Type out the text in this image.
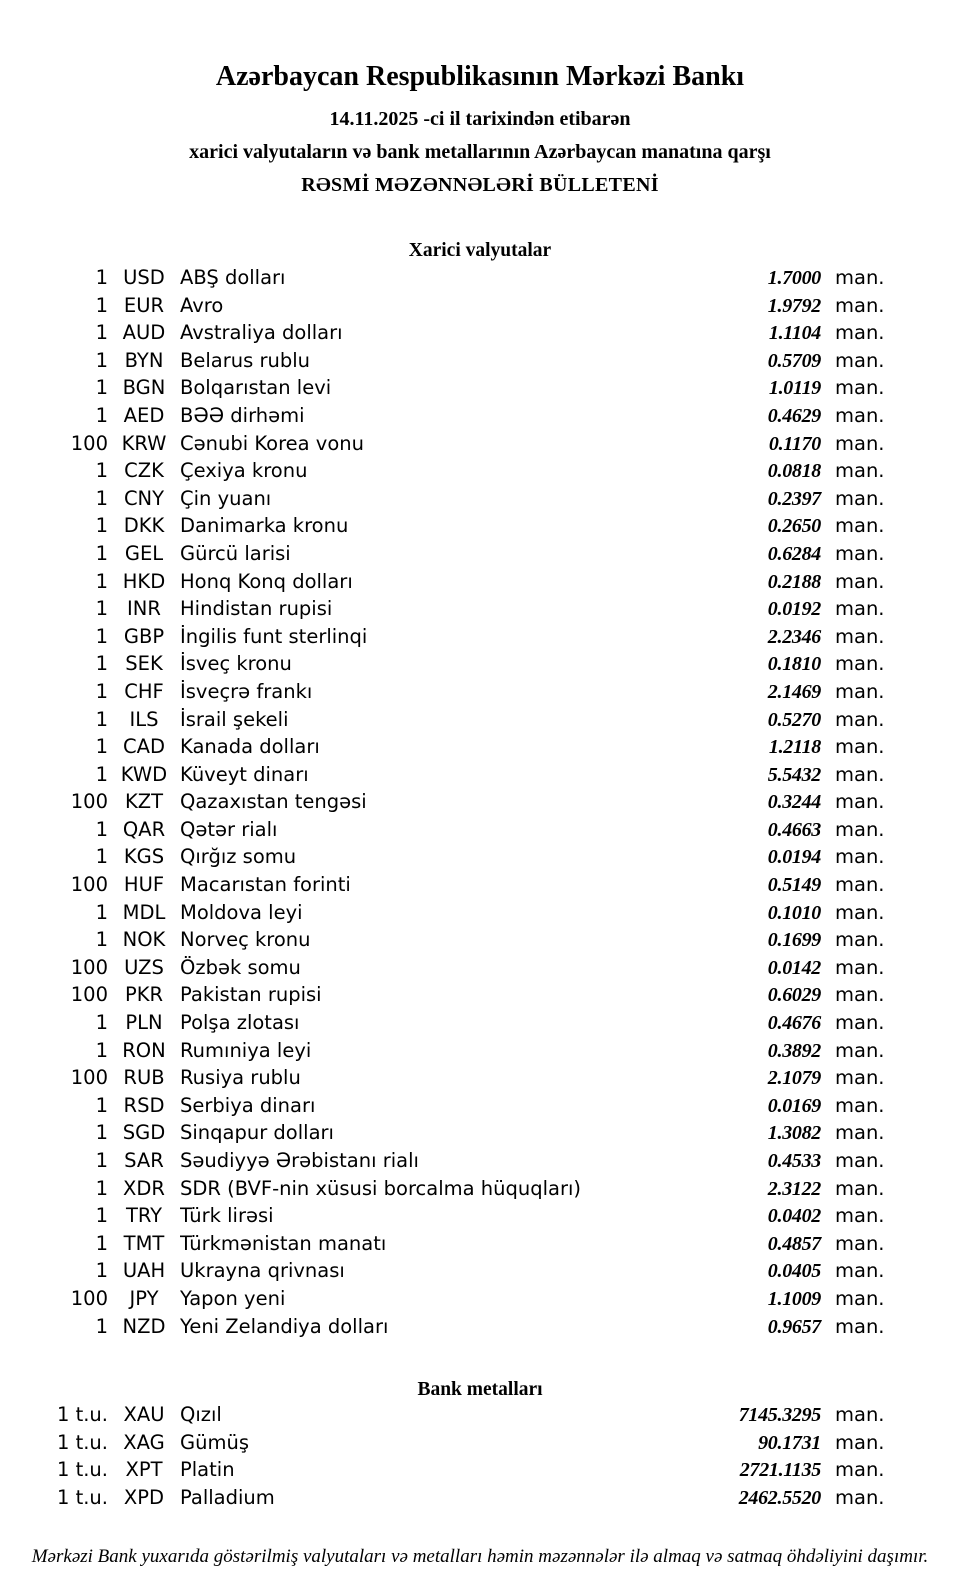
Azərbaycan Respublikasının Mərkəzi Bankı
14.11.2025 -ci il tarixindən etibarən
xarici valyutaların və bank metallarının Azərbaycan manatına qarşı
RƏSMİ MƏZƏNNƏLƏRİ BÜLLETENİ
Xarici valyutalar
1 USD ABŞ dolları	1.7000 man.
1 EUR Avro	1.9792 man.
1 AUD Avstraliya dolları	1.1104 man.
1 BYN Belarus rublu	0.5709 man.
1 BGN Bolqarıstan levi	1.0119 man.
1 AED BƏƏ dirhəmi	0.4629 man.
100 KRW Cənubi Korea vonu	0.1170 man.
1 CZK Çexiya kronu	0.0818 man.
1 CNY Çin yuanı	0.2397 man.
1 DKK Danimarka kronu	0.2650 man.
1 GEL Gürcü larisi	0.6284 man.
1 HKD Honq Konq dolları	0.2188 man.
1 INR Hindistan rupisi	0.0192 man.
1 GBP İngilis funt sterlinqi	2.2346 man.
1 SEK İsveç kronu	0.1810 man.
1 CHF İsveçrə frankı	2.1469 man.
1	ILS	İsrail şekeli	0.5270 man.
1 CAD Kanada dolları	1.2118 man.
1 KWD Küveyt dinarı	5.5432 man.
100 KZT Qazaxıstan tengəsi	0.3244 man.
1 QAR Qətər rialı	0.4663 man.
1 KGS Qırğız somu	0.0194 man.
100 HUF Macarıstan forinti	0.5149 man.
1 MDL Moldova leyi	0.1010 man.
1 NOK Norveç kronu	0.1699 man.
100 UZS Özbək somu	0.0142 man.
100 PKR Pakistan rupisi	0.6029 man.
1 PLN Polşa zlotası	0.4676 man.
1 RON Rumıniya leyi	0.3892 man.
100 RUB Rusiya rublu	2.1079 man.
1 RSD Serbiya dinarı	0.0169 man.
1 SGD Sinqapur dolları	1.3082 man.
1 SAR Səudiyyə Ərəbistanı rialı	0.4533 man.
1 XDR SDR (BVF-nin xüsusi borcalma hüquqları)	2.3122 man.
1 TRY Türk lirəsi	0.0402 man.
1 TMT Türkmənistan manatı	0.4857 man.
1 UAH Ukrayna qrivnası	0.0405 man.
100	JPY	Yapon yeni	1.1009 man.
1 NZD Yeni Zelandiya dolları	0.9657 man.
Bank metalları
1 t.u. XAU Qızıl	7145.3295 man.
1 t.u. XAG Gümüş	90.1731 man.
1 t.u. XPT Platin	2721.1135 man.
1 t.u. XPD Palladium	2462.5520 man.
Mərkəzi Bank yuxarıda göstərilmiş valyutaları və metalları həmin məzənnələr ilə almaq və satmaq öhdəliyini daşımır.
